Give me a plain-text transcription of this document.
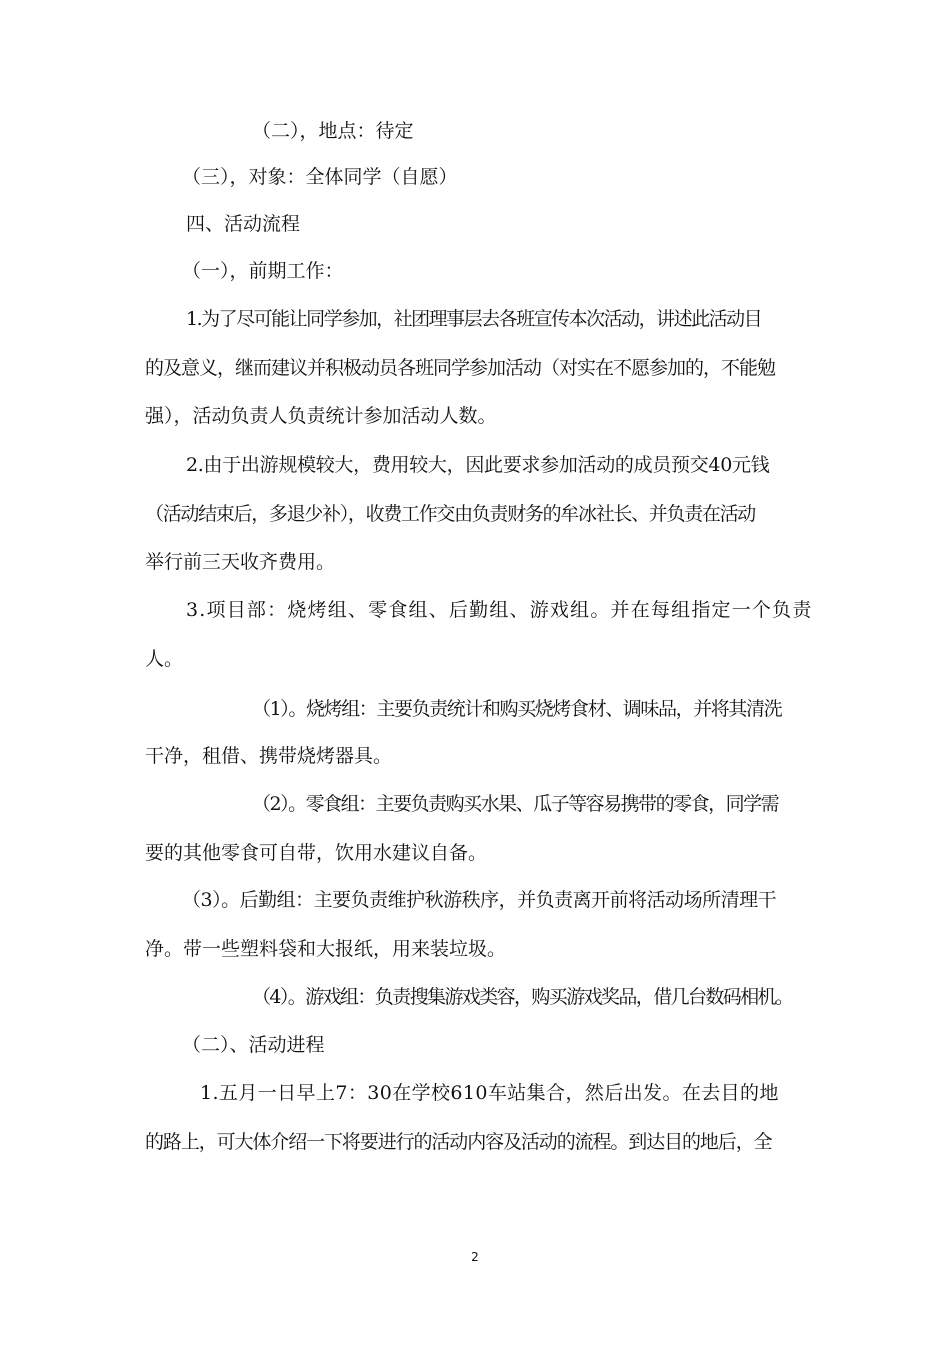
（二），地点：待定
（三），对象：全体同学（自愿）
四、活动流程
（一），前期工作：
1.为了尽可能让同学参加，社团理事层去各班宣传本次活动，讲述此活动目
的及意义，继而建议并积极动员各班同学参加活动（对实在不愿参加的，不能勉
强），活动负责人负责统计参加活动人数。
2.由于出游规模较大，费用较大，因此要求参加活动的成员预交40元钱
（活动结束后，多退少补），收费工作交由负责财务的牟冰社长、并负责在活动
举行前三天收齐费用。
3.项目部：烧烤组、零食组、后勤组、游戏组。并在每组指定一个负责
人。
（1）。烧烤组：主要负责统计和购买烧烤食材、调味品，并将其清洗
干净，租借、携带烧烤器具。
（2）。零食组：主要负责购买水果、瓜子等容易携带的零食，同学需
要的其他零食可自带，饮用水建议自备。
（3）。后勤组：主要负责维护秋游秩序，并负责离开前将活动场所清理干
净。带一些塑料袋和大报纸，用来装垃圾。
（4）。游戏组：负责搜集游戏类容，购买游戏奖品，借几台数码相机。
（二）、活动进程
1.五月一日早上7：30在学校610车站集合，然后出发。在去目的地
的路上，可大体介绍一下将要进行的活动内容及活动的流程。到达目的地后，全
2
